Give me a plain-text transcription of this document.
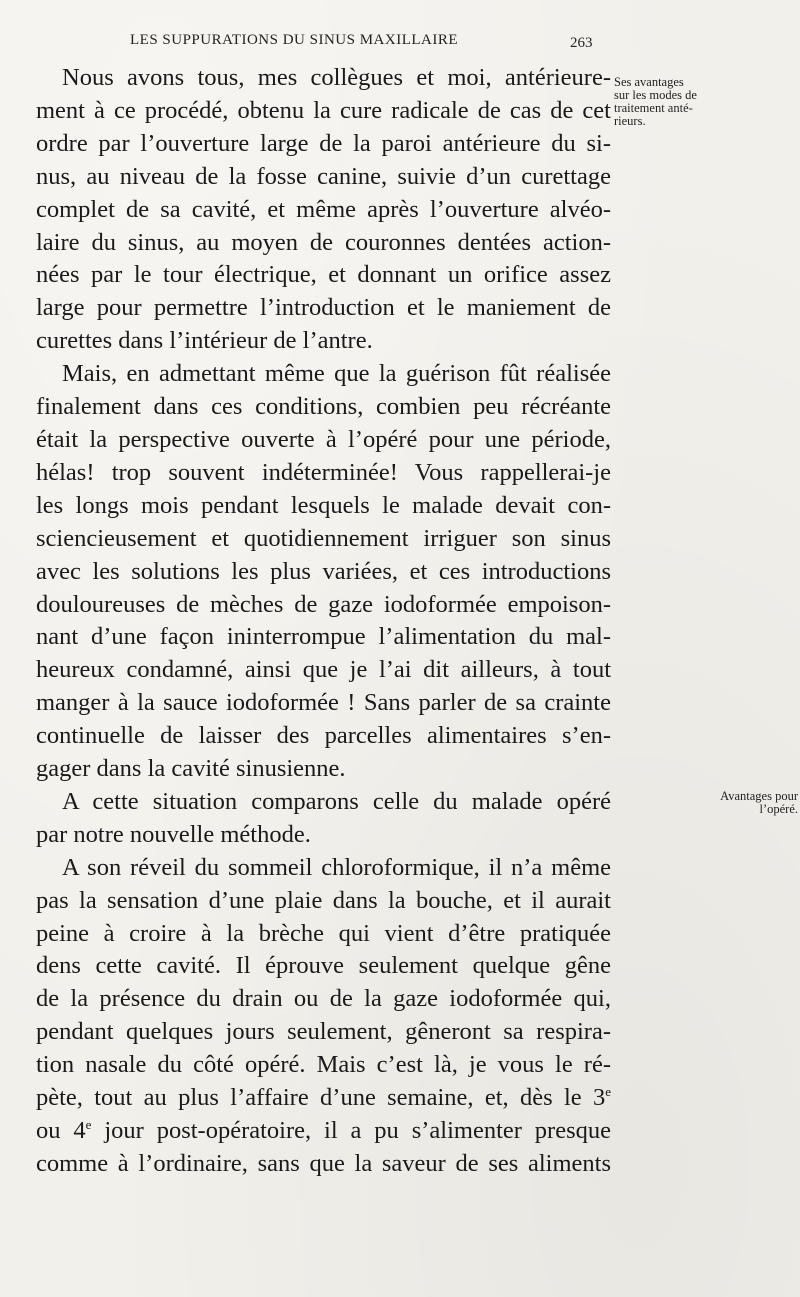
LES SUPPURATIONS DU SINUS MAXILLAIRE	263
Ses avantages
sur les modes de
traitement anté-
rieurs.
Avantages pour
l’opéré.
Nous avons tous, mes collègues et moi, antérieure-
ment à ce procédé, obtenu la cure radicale de cas de cet
ordre par l’ouverture large de la paroi antérieure du si-
nus, au niveau de la fosse canine, suivie d’un curettage
complet de sa cavité, et même après l’ouverture alvéo-
laire du sinus, au moyen de couronnes dentées action-
nées par le tour électrique, et donnant un orifice assez
large pour permettre l’introduction et le maniement de
curettes dans l’intérieur de l’antre.
Mais, en admettant même que la guérison fût réalisée
finalement dans ces conditions, combien peu récréante
était la perspective ouverte à l’opéré pour une période,
hélas! trop souvent indéterminée! Vous rappellerai-je
les longs mois pendant lesquels le malade devait con-
sciencieusement et quotidiennement irriguer son sinus
avec les solutions les plus variées, et ces introductions
douloureuses de mèches de gaze iodoformée empoison-
nant d’une façon ininterrompue l’alimentation du mal-
heureux condamné, ainsi que je l’ai dit ailleurs, à tout
manger à la sauce iodoformée ! Sans parler de sa crainte
continuelle de laisser des parcelles alimentaires s’en-
gager dans la cavité sinusienne.
A cette situation comparons celle du malade opéré
par notre nouvelle méthode.
A son réveil du sommeil chloroformique, il n’a même
pas la sensation d’une plaie dans la bouche, et il aurait
peine à croire à la brèche qui vient d’être pratiquée
dens cette cavité. Il éprouve seulement quelque gêne
de la présence du drain ou de la gaze iodoformée qui,
pendant quelques jours seulement, gêneront sa respira-
tion nasale du côté opéré. Mais c’est là, je vous le ré-
pète, tout au plus l’affaire d’une semaine, et, dès le 3e
ou 4e jour post-opératoire, il a pu s’alimenter presque
comme à l’ordinaire, sans que la saveur de ses aliments
